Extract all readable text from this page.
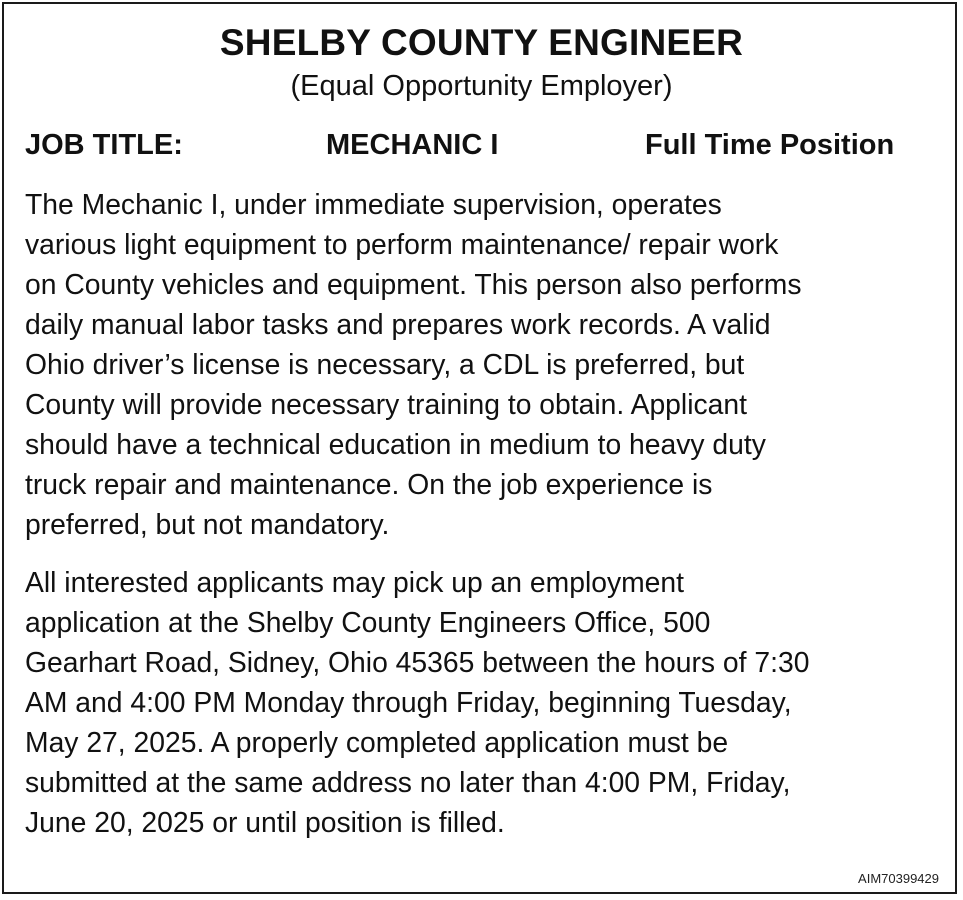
SHELBY COUNTY ENGINEER

(Equal Opportunity Employer)

JOB TITLE:	MECHANIC I	Full Time Position

The Mechanic I, under immediate supervision, operates
various light equipment to perform maintenance/ repair work
on County vehicles and equipment. This person also performs
daily manual labor tasks and prepares work records. A valid
Ohio driver’s license is necessary, a CDL is preferred, but
County will provide necessary training to obtain. Applicant
should have a technical education in medium to heavy duty
truck repair and maintenance. On the job experience is
preferred, but not mandatory.

All interested applicants may pick up an employment
application at the Shelby County Engineers Office, 500
Gearhart Road, Sidney, Ohio 45365 between the hours of 7:30
AM and 4:00 PM Monday through Friday, beginning Tuesday,
May 27, 2025. A properly completed application must be
submitted at the same address no later than 4:00 PM, Friday,
June 20, 2025 or until position is filled.

AIM70399429
